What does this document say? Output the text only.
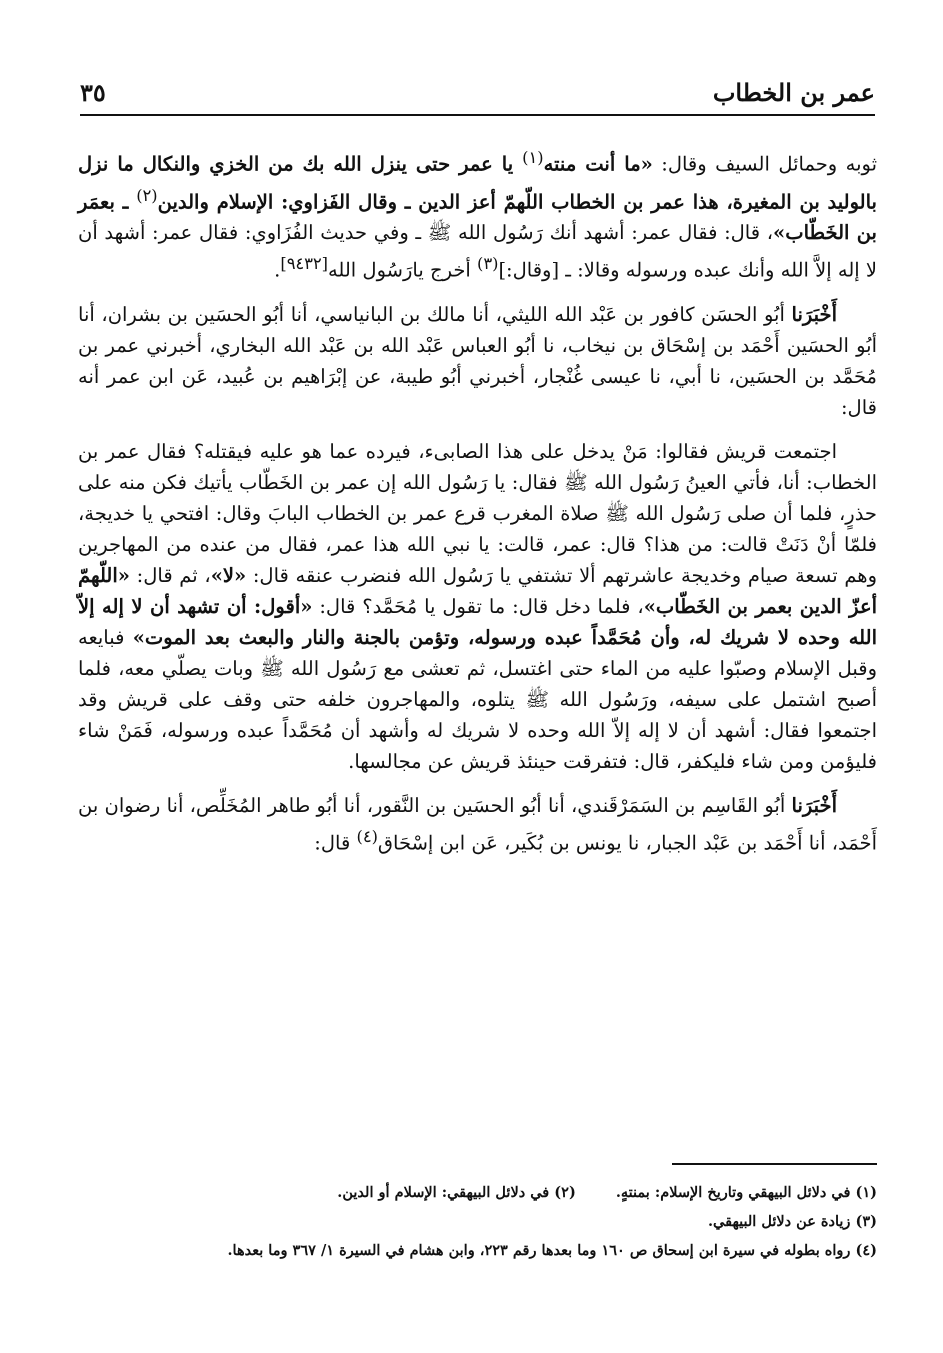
عمر بن الخطاب
٣٥

ثوبه وحمائل السيف وقال: «ما أنت منته$^{(١)}$ يا عمر حتى ينزل الله بك من الخزي والنكال ما نزل بالوليد بن المغيرة، هذا عمر بن الخطاب اللّهمّ أعز الدين ـ وقال الفَزاوي: الإسلام والدين$^{(٢)}$ ـ بعمَر بن الخَطّاب»، قال: فقال عمر: أشهد أنك رَسُول الله ﷺ ـ وفي حديث الفُزَاوي: فقال عمر: أشهد أن لا إله إلاَّ الله وأنك عبده ورسوله وقالا: ـ [وقال:]$^{(٣)}$ أخرج يارَسُول الله[٩٤٣٢].

أَخْبَرَنا أبُو الحسَن كافور بن عَبْد الله الليثي، أنا مالك بن البانياسي، أنا أبُو الحسَين بن بشران، أنا أبُو الحسَين أَحْمَد بن إسْحَاق بن نيخاب، نا أبُو العباس عَبْد الله بن عَبْد الله البخاري، أخبرني عمر بن مُحَمَّد بن الحسَين، نا أبي، نا عيسى غُنْجار، أخبرني أبُو طيبة، عن إبْرَاهيم بن عُبيد، عَن ابن عمر أنه قال:

اجتمعت قريش فقالوا: مَنْ يدخل على هذا الصابىء، فيرده عما هو عليه فيقتله؟ فقال عمر بن الخطاب: أنا، فأتي العينُ رَسُول الله ﷺ فقال: يا رَسُول الله إن عمر بن الخَطّاب يأتيك فكن منه على حذرٍ، فلما أن صلى رَسُول الله ﷺ صلاة المغرب قرع عمر بن الخطاب البابَ وقال: افتحي يا خديجة، فلمّا أنْ دَنَتْ قالت: من هذا؟ قال: عمر، قالت: يا نبي الله هذا عمر، فقال من عنده من المهاجرين وهم تسعة صيام وخديجة عاشرتهم ألا تشتفي يا رَسُول الله فنضرب عنقه قال: «لا»، ثم قال: «اللّهمّ أعزّ الدين بعمر بن الخَطّاب»، فلما دخل قال: ما تقول يا مُحَمَّد؟ قال: «أقول: أن تشهد أن لا إله إلاّ الله وحده لا شريك له، وأن مُحَمَّداً عبده ورسوله، وتؤمن بالجنة والنار والبعث بعد الموت» فبايعه وقبل الإسلام وصبّوا عليه من الماء حتى اغتسل، ثم تعشى مع رَسُول الله ﷺ وبات يصلّي معه، فلما أصبح اشتمل على سيفه، ورَسُول الله ﷺ يتلوه، والمهاجرون خلفه حتى وقف على قريش وقد اجتمعوا فقال: أشهد أن لا إله إلاّ الله وحده لا شريك له وأشهد أن مُحَمَّداً عبده ورسوله، فَمَنْ شاء فليؤمن ومن شاء فليكفر، قال: فتفرقت حينئذ قريش عن مجالسها.

أَخْبَرَنا أبُو القَاسِم بن السَمَرْقَندي، أنا أبُو الحسَين بن النَّقور، أنا أبُو طاهر المُخَلِّص، أنا رضوان بن أَحْمَد، أنا أَحْمَد بن عَبْد الجبار، نا يونس بن بُكَير، عَن ابن إسْحَاق$^{(٤)}$ قال:

(١) في دلائل البيهقي وتاريخ الإسلام: بمنتهٍ.(٢) في دلائل البيهقي: الإسلام أو الدين.
(٣) زيادة عن دلائل البيهقي.
(٤) رواه بطوله في سيرة ابن إسحاق ص ١٦٠ وما بعدها رقم ٢٢٣، وابن هشام في السيرة ١/ ٣٦٧ وما بعدها.
